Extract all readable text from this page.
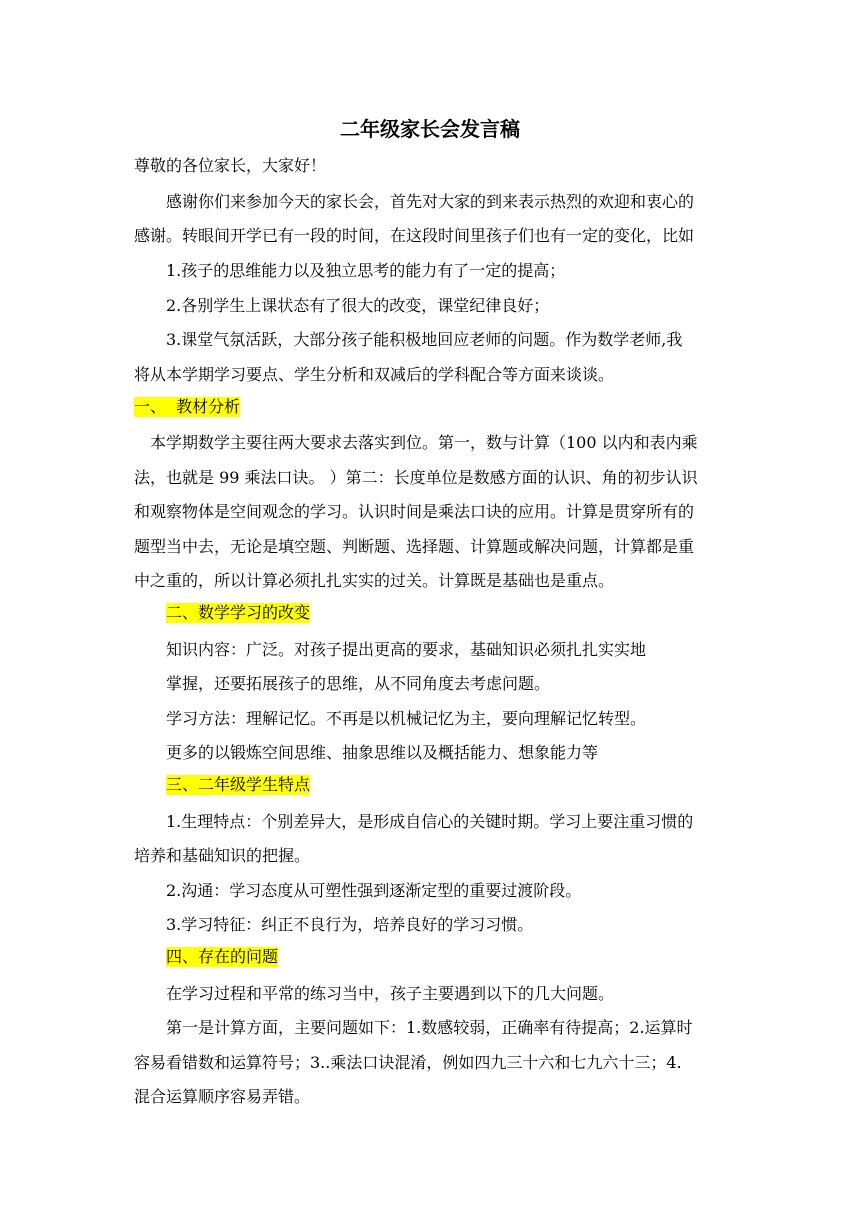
二年级家长会发言稿
尊敬的各位家长，大家好！
感谢你们来参加今天的家长会，首先对大家的到来表示热烈的欢迎和衷心的
感谢。转眼间开学已有一段的时间，在这段时间里孩子们也有一定的变化，比如
1.孩子的思维能力以及独立思考的能力有了一定的提高；
2.各别学生上课状态有了很大的改变，课堂纪律良好；
3.课堂气氛活跃，大部分孩子能积极地回应老师的问题。作为数学老师,我
将从本学期学习要点、学生分析和双减后的学科配合等方面来谈谈。
一、  教材分析
本学期数学主要往两大要求去落实到位。第一，数与计算（100 以内和表内乘
法，也就是 99 乘法口诀。 ）第二：长度单位是数感方面的认识、角的初步认识
和观察物体是空间观念的学习。认识时间是乘法口诀的应用。计算是贯穿所有的
题型当中去，无论是填空题、判断题、选择题、计算题或解决问题，计算都是重
中之重的，所以计算必须扎扎实实的过关。计算既是基础也是重点。
二、数学学习的改变
知识内容：广泛。对孩子提出更高的要求，基础知识必须扎扎实实地
掌握，还要拓展孩子的思维，从不同角度去考虑问题。
学习方法：理解记忆。不再是以机械记忆为主，要向理解记忆转型。
更多的以锻炼空间思维、抽象思维以及概括能力、想象能力等
三、二年级学生特点
1.生理特点：个别差异大，是形成自信心的关键时期。学习上要注重习惯的
培养和基础知识的把握。
2.沟通：学习态度从可塑性强到逐渐定型的重要过渡阶段。
3.学习特征：纠正不良行为，培养良好的学习习惯。
四、存在的问题
在学习过程和平常的练习当中，孩子主要遇到以下的几大问题。
第一是计算方面，主要问题如下：1.数感较弱，正确率有待提高；2.运算时
容易看错数和运算符号；3..乘法口诀混淆，例如四九三十六和七九六十三；4.
混合运算顺序容易弄错。
